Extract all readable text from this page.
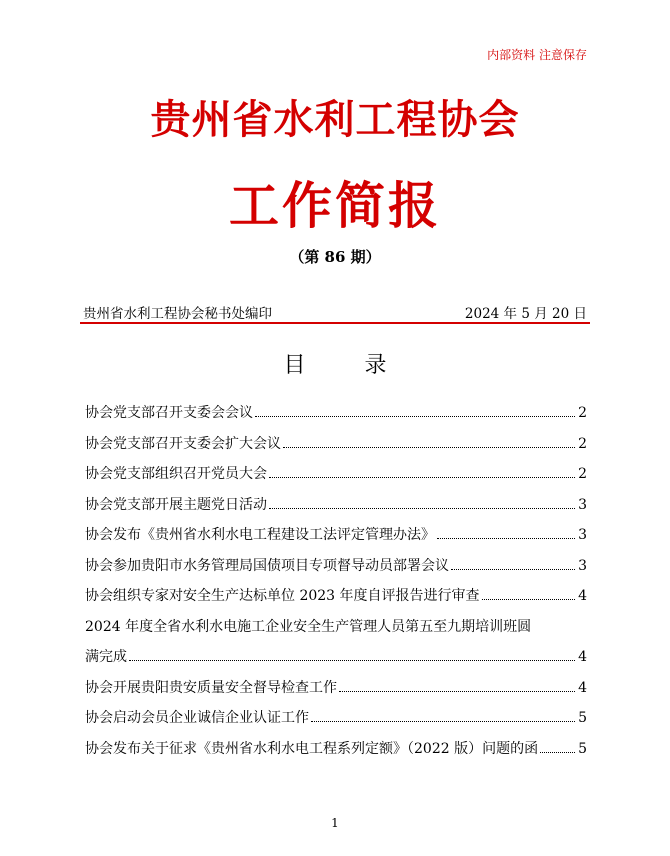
内部资料 注意保存
贵州省水利工程协会
工作简报
（第 86 期）
贵州省水利工程协会秘书处编印	2024 年 5 月 20 日
目 录
协会党支部召开支委会会议	2
协会党支部召开支委会扩大会议	2
协会党支部组织召开党员大会	2
协会党支部开展主题党日活动	3
协会发布《贵州省水利水电工程建设工法评定管理办法》	3
协会参加贵阳市水务管理局国债项目专项督导动员部署会议	3
协会组织专家对安全生产达标单位 2023 年度自评报告进行审查	4
2024 年度全省水利水电施工企业安全生产管理人员第五至九期培训班圆
满完成	4
协会开展贵阳贵安质量安全督导检查工作	4
协会启动会员企业诚信企业认证工作	5
协会发布关于征求《贵州省水利水电工程系列定额》（2022 版）问题的函	5
1
